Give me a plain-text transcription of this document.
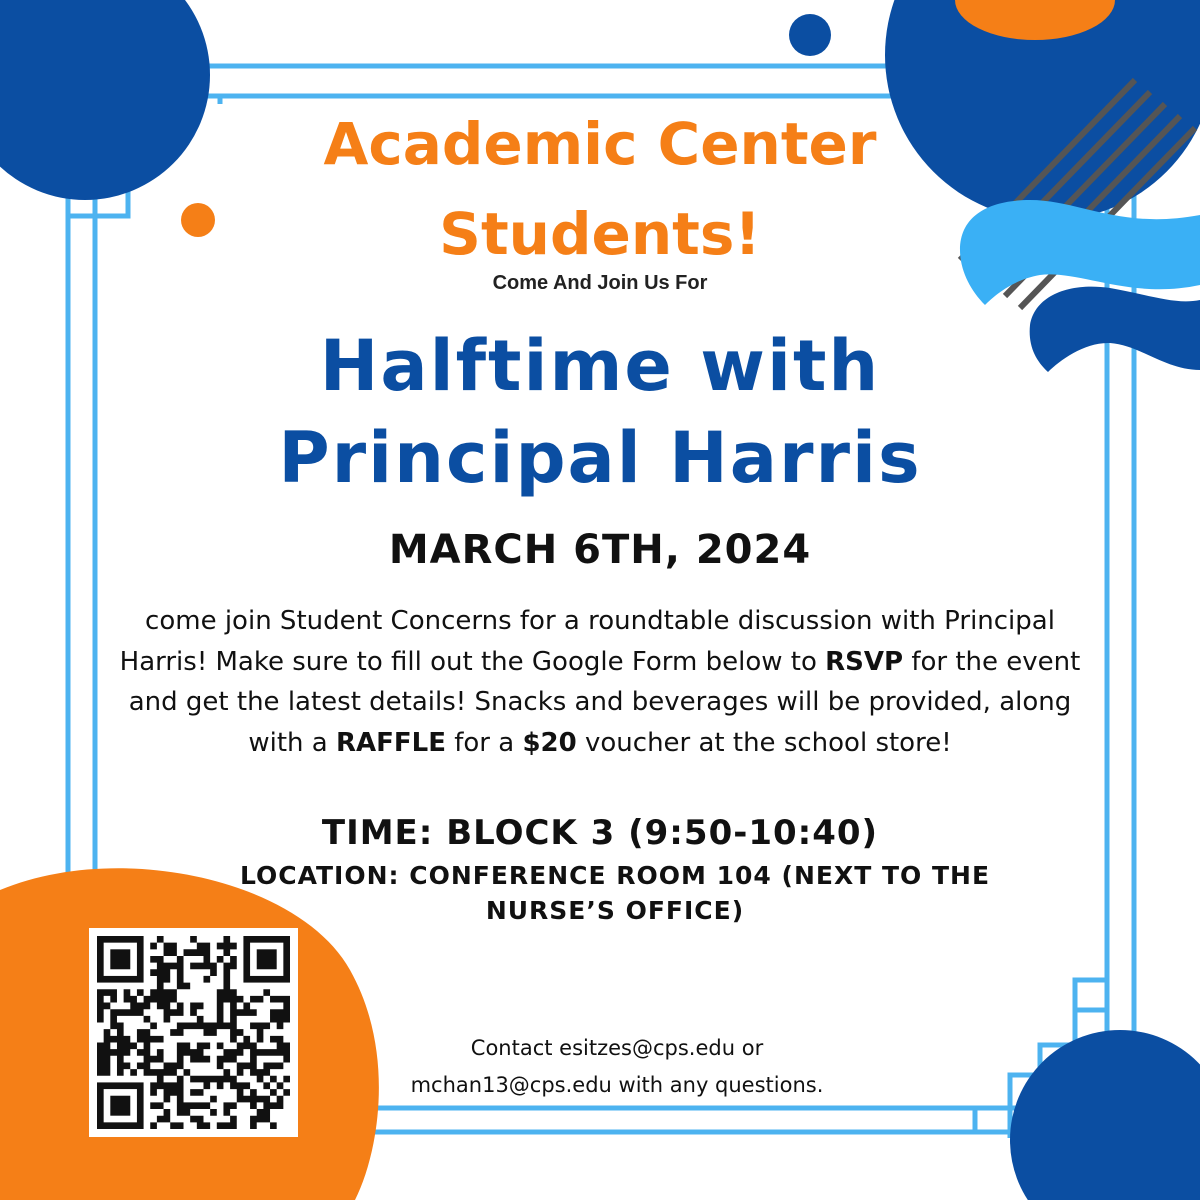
Academic Center
Students!
Come And Join Us For
Halftime with
Principal Harris
MARCH 6TH, 2024

come join Student Concerns for a roundtable discussion with Principal Harris! Make sure to fill out the Google Form below to RSVP for the event and get the latest details! Snacks and beverages will be provided, along with a RAFFLE for a $20 voucher at the school store!

TIME: BLOCK 3 (9:50-10:40)
LOCATION: CONFERENCE ROOM 104 (NEXT TO THE NURSE’S OFFICE)
Contact esitzes@cps.edu or
mchan13@cps.edu with any questions.
